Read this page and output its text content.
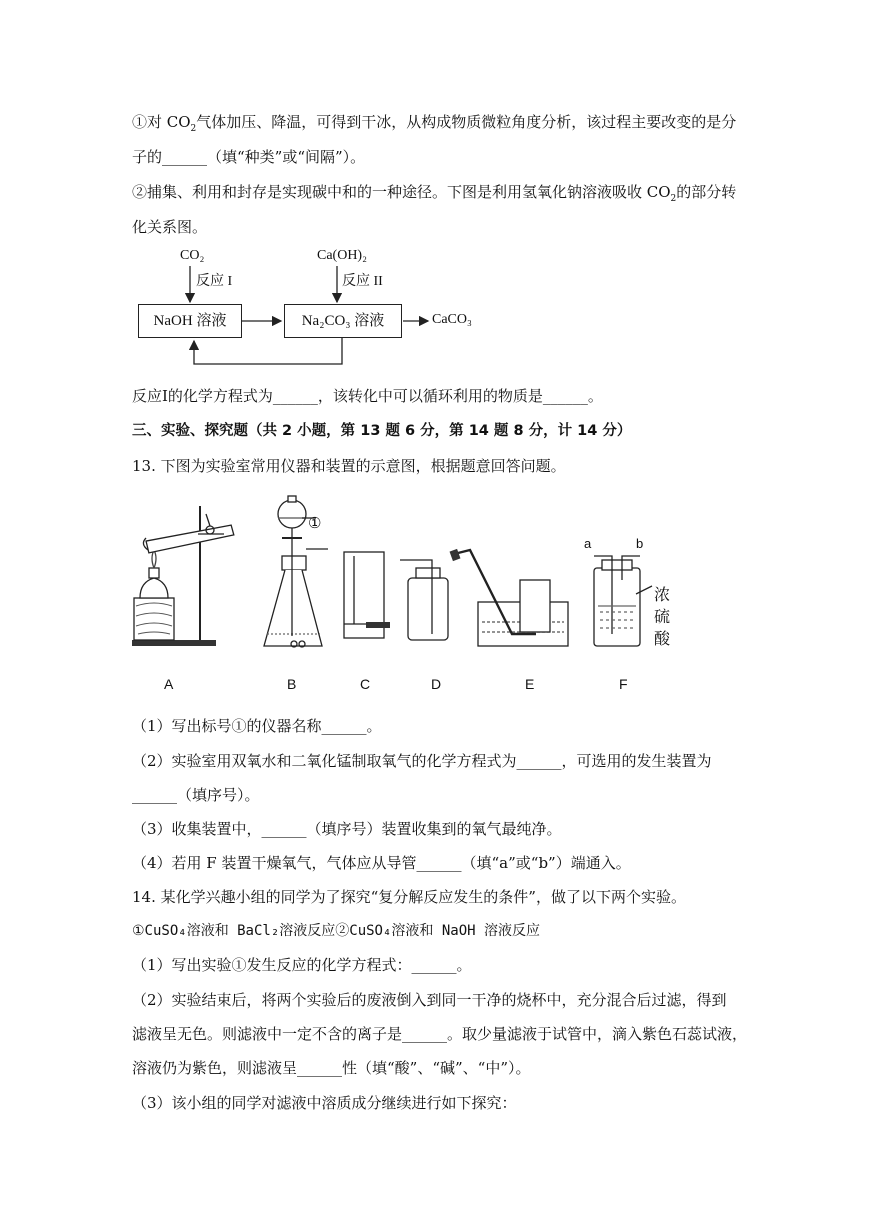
①对 $CO_2$气体加压、降温，可得到干冰，从构成物质微粒角度分析，该过程主要改变的是分
子的______（填“种类”或“间隔”）。
②捕集、利用和封存是实现碳中和的一种途径。下图是利用氢氧化钠溶液吸收 $CO_2$的部分转
化关系图。
CO₂
反应 I
Ca(OH)₂
反应 II
NaOH 溶液	Na₂CO₃ 溶液	CaCO₃
反应Ⅰ的化学方程式为______，该转化中可以循环利用的物质是______。
三、实验、探究题（共 2 小题，第 13 题 6 分，第 14 题 8 分，计 14 分）
13. 下图为实验室常用仪器和装置的示意图，根据题意回答问题。
①
a	b
浓
硫
酸
A	B	C	D	E	F
（1）写出标号①的仪器名称______。
（2）实验室用双氧水和二氧化锰制取氧气的化学方程式为______，可选用的发生装置为
______（填序号）。
（3）收集装置中，______（填序号）装置收集到的氧气最纯净。
（4）若用 F 装置干燥氧气，气体应从导管______（填“a”或“b”）端通入。
14. 某化学兴趣小组的同学为了探究“复分解反应发生的条件”，做了以下两个实验。
①CuSO₄溶液和 BaCl₂溶液反应②CuSO₄溶液和 NaOH 溶液反应
（1）写出实验①发生反应的化学方程式：______。
（2）实验结束后，将两个实验后的废液倒入到同一干净的烧杯中，充分混合后过滤，得到
滤液呈无色。则滤液中一定不含的离子是______。取少量滤液于试管中，滴入紫色石蕊试液，
溶液仍为紫色，则滤液呈______性（填“酸”、“碱”、“中”）。
（3）该小组的同学对滤液中溶质成分继续进行如下探究：
